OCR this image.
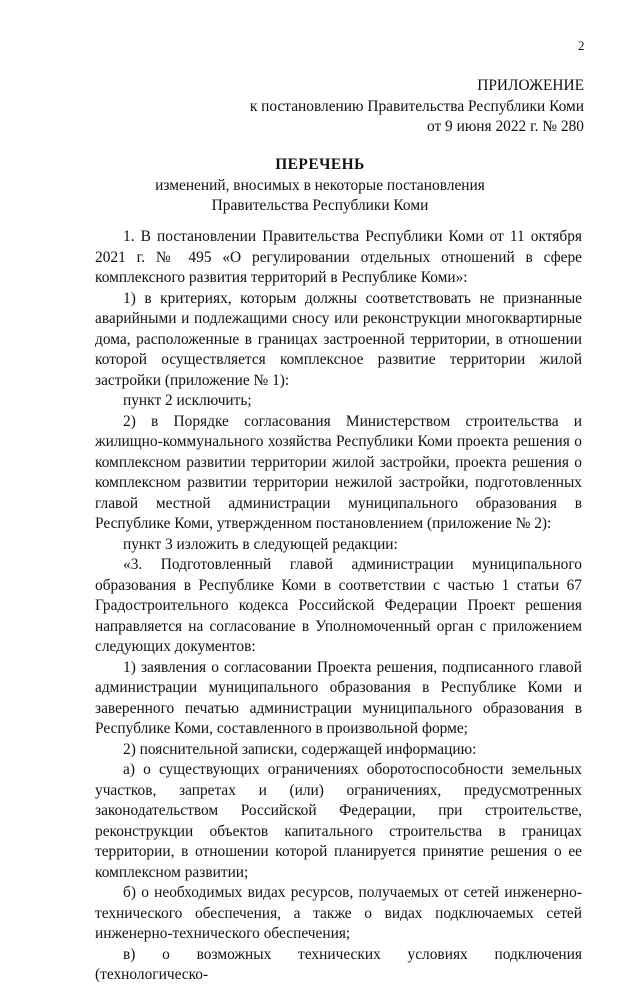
2
ПРИЛОЖЕНИЕ
к постановлению Правительства Республики Коми
от 9 июня 2022 г. № 280
ПЕРЕЧЕНЬ
изменений, вносимых в некоторые постановления
Правительства Республики Коми

1. В постановлении Правительства Республики Коми от 11 октября 2021 г. № 495 «О регулировании отдельных отношений в сфере комплексного развития территорий в Республике Коми»:

1) в критериях, которым должны соответствовать не признанные аварийными и подлежащими сносу или реконструкции многоквартирные дома, расположенные в границах застроенной территории, в отношении которой осуществляется комплексное развитие территории жилой застройки (приложение № 1):

пункт 2 исключить;

2) в Порядке согласования Министерством строительства и жилищно-коммунального хозяйства Республики Коми проекта решения о комплексном развитии территории жилой застройки, проекта решения о комплексном развитии территории нежилой застройки, подготовленных главой местной администрации муниципального образования в Республике Коми, утвержденном постановлением (приложение № 2):

пункт 3 изложить в следующей редакции:

«3. Подготовленный главой администрации муниципального образования в Республике Коми в соответствии с частью 1 статьи 67 Градостроительного кодекса Российской Федерации Проект решения направляется на согласование в Уполномоченный орган с приложением следующих документов:

1) заявления о согласовании Проекта решения, подписанного главой администрации муниципального образования в Республике Коми и заверенного печатью администрации муниципального образования в Республике Коми, составленного в произвольной форме;

2) пояснительной записки, содержащей информацию:

а) о существующих ограничениях оборотоспособности земельных участков, запретах и (или) ограничениях, предусмотренных законодательством Российской Федерации, при строительстве, реконструкции объектов капитального строительства в границах территории, в отношении которой планируется принятие решения о ее комплексном развитии;

б) о необходимых видах ресурсов, получаемых от сетей инженерно-технического обеспечения, а также о видах подключаемых сетей инженерно-технического обеспечения;

в) о возможных технических условиях подключения (технологическо-
